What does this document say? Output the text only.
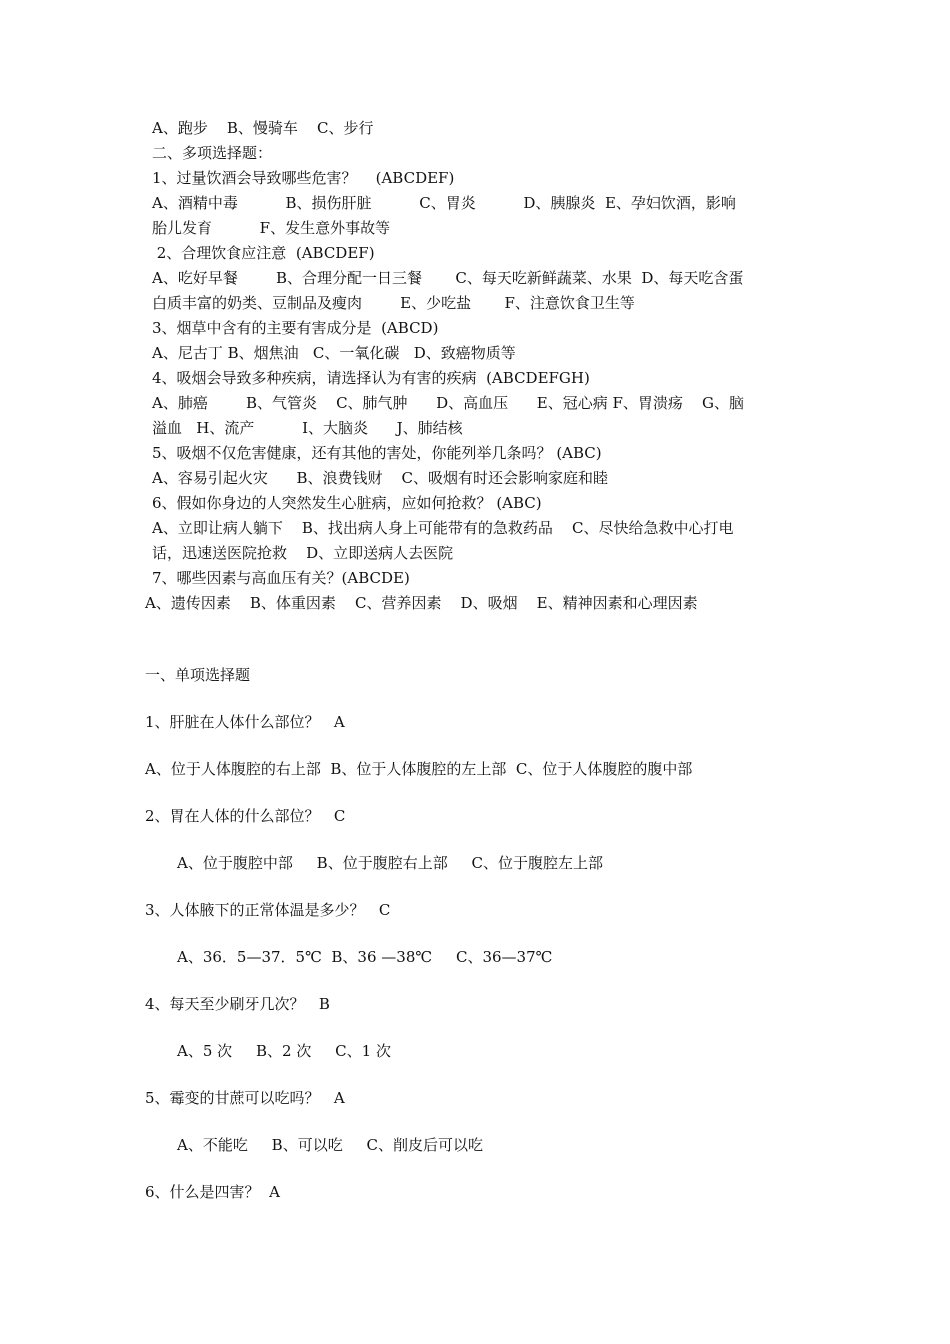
A、跑步    B、慢骑车    C、步行
二、多项选择题：
1、过量饮酒会导致哪些危害？    (ABCDEF)
A、酒精中毒          B、损伤肝脏          C、胃炎          D、胰腺炎  E、孕妇饮酒，影响
胎儿发育          F、发生意外事故等
2、合理饮食应注意  (ABCDEF)
A、吃好早餐        B、合理分配一日三餐       C、每天吃新鲜蔬菜、水果  D、每天吃含蛋
白质丰富的奶类、豆制品及瘦肉        E、少吃盐       F、注意饮食卫生等
3、烟草中含有的主要有害成分是  (ABCD)
A、尼古丁 B、烟焦油   C、一氧化碳   D、致癌物质等
4、吸烟会导致多种疾病，请选择认为有害的疾病  (ABCDEFGH)
A、肺癌        B、气管炎    C、肺气肿      D、高血压      E、冠心病 F、胃溃疡    G、脑
溢血   H、流产          I、大脑炎      J、肺结核
5、吸烟不仅危害健康，还有其他的害处，你能列举几条吗？ (ABC)
A、容易引起火灾      B、浪费钱财    C、吸烟有时还会影响家庭和睦
6、假如你身边的人突然发生心脏病，应如何抢救？ (ABC)
A、立即让病人躺下    B、找出病人身上可能带有的急救药品    C、尽快给急救中心打电
话，迅速送医院抢救    D、立即送病人去医院
7、哪些因素与高血压有关？(ABCDE)
A、遗传因素    B、体重因素    C、营养因素    D、吸烟    E、精神因素和心理因素
一、单项选择题
1、肝脏在人体什么部位？   A
A、位于人体腹腔的右上部  B、位于人体腹腔的左上部  C、位于人体腹腔的腹中部
2、胃在人体的什么部位？   C
A、位于腹腔中部     B、位于腹腔右上部     C、位于腹腔左上部
3、人体腋下的正常体温是多少？   C
A、36．5—37．5℃  B、36 —38℃     C、36—37℃
4、每天至少刷牙几次？   B
A、5 次     B、2 次     C、1 次
5、霉变的甘蔗可以吃吗？   A
A、不能吃     B、可以吃     C、削皮后可以吃
6、什么是四害？  A
